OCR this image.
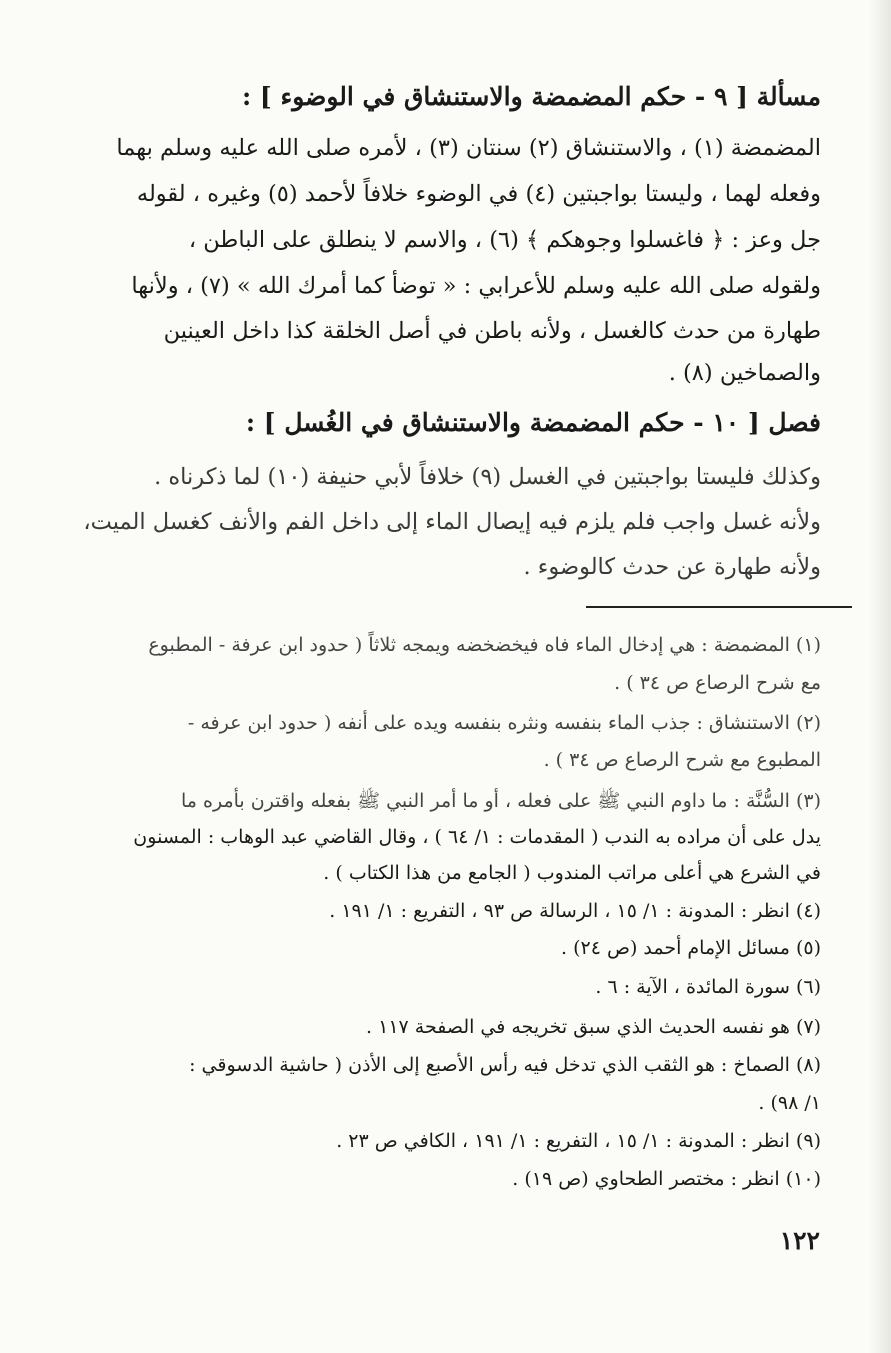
مسألة [ ٩ - حكم المضمضة والاستنشاق في الوضوء ] :
المضمضة (١) ، والاستنشاق (٢) سنتان (٣) ، لأمره صلى الله عليه وسلم بهما
وفعله لهما ، وليستا بواجبتين (٤) في الوضوء خلافاً لأحمد (٥) وغيره ، لقوله
جل وعز : ﴿ فاغسلوا وجوهكم ﴾ (٦) ، والاسم لا ينطلق على الباطن ،
ولقوله صلى الله عليه وسلم للأعرابي : « توضأ كما أمرك الله » (٧) ، ولأنها
طهارة من حدث كالغسل ، ولأنه باطن في أصل الخلقة كذا داخل العينين
والصماخين (٨) .
فصل [ ١٠ - حكم المضمضة والاستنشاق في الغُسل ] :
وكذلك فليستا بواجبتين في الغسل (٩) خلافاً لأبي حنيفة (١٠) لما ذكرناه .
ولأنه غسل واجب فلم يلزم فيه إيصال الماء إلى داخل الفم والأنف كغسل الميت،
ولأنه طهارة عن حدث كالوضوء .
(١) المضمضة : هي إدخال الماء فاه فيخضخضه ويمجه ثلاثاً ( حدود ابن عرفة - المطبوع
مع شرح الرصاع ص ٣٤ ) .
(٢) الاستنشاق : جذب الماء بنفسه ونثره بنفسه ويده على أنفه ( حدود ابن عرفه -
المطبوع مع شرح الرصاع ص ٣٤ ) .
(٣) السُّنَّة : ما داوم النبي ﷺ على فعله ، أو ما أمر النبي ﷺ بفعله واقترن بأمره ما
يدل على أن مراده به الندب ( المقدمات : ١/ ٦٤ ) ، وقال القاضي عبد الوهاب : المسنون
في الشرع هي أعلى مراتب المندوب ( الجامع من هذا الكتاب ) .
(٤) انظر : المدونة : ١/ ١٥ ، الرسالة ص ٩٣ ، التفريع : ١/ ١٩١ .
(٥) مسائل الإمام أحمد (ص ٢٤) .
(٦) سورة المائدة ، الآية : ٦ .
(٧) هو نفسه الحديث الذي سبق تخريجه في الصفحة ١١٧ .
(٨) الصماخ : هو الثقب الذي تدخل فيه رأس الأصبع إلى الأذن ( حاشية الدسوقي :
١/ ٩٨) .
(٩) انظر : المدونة : ١/ ١٥ ، التفريع : ١/ ١٩١ ، الكافي ص ٢٣ .
(١٠) انظر : مختصر الطحاوي (ص ١٩) .
١٢٢
